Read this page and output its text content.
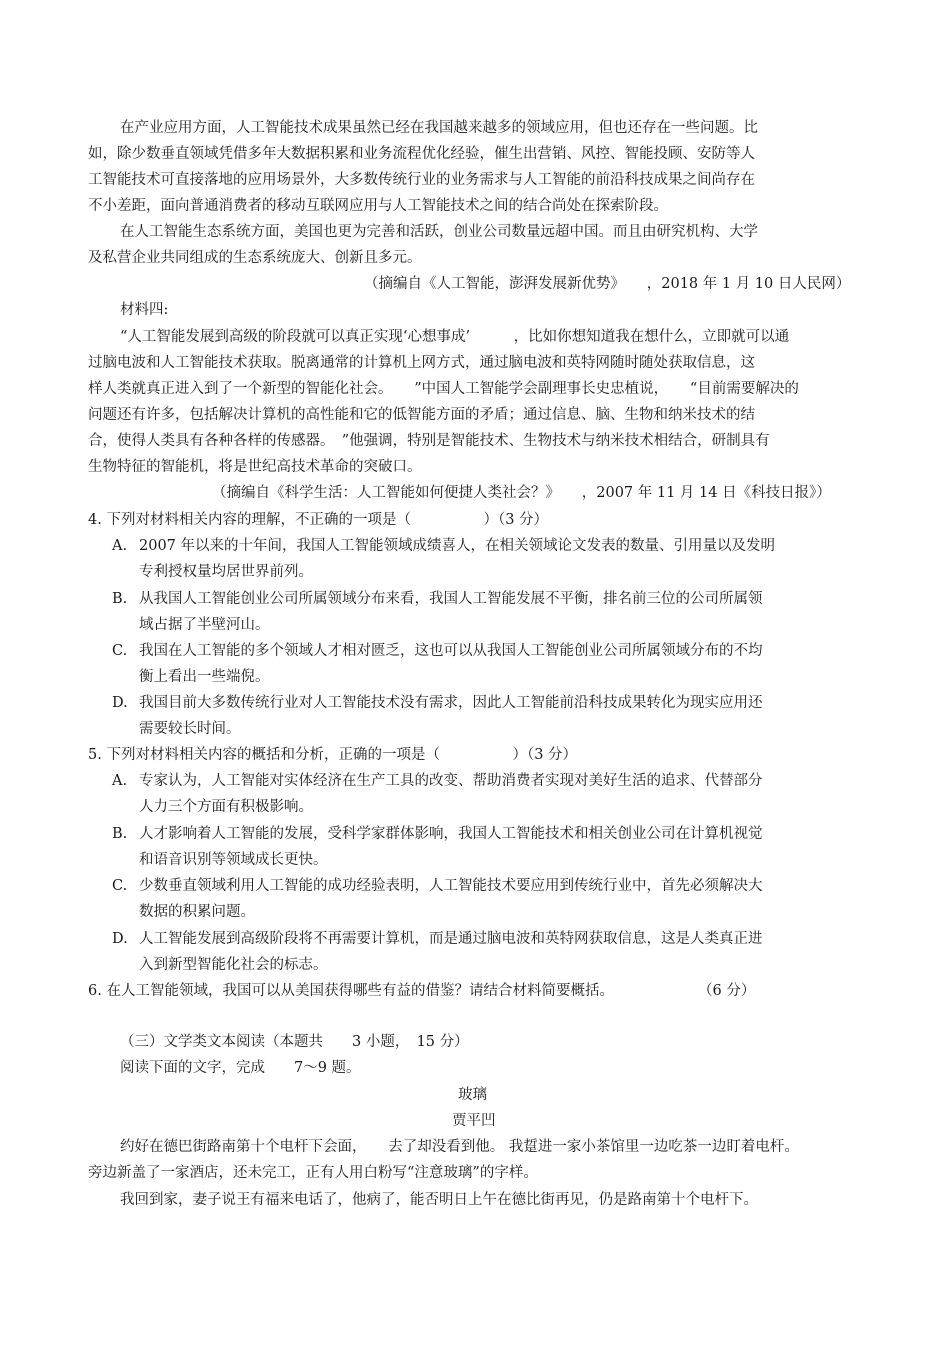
在产业应用方面，人工智能技术成果虽然已经在我国越来越多的领域应用，但也还存在一些问题。比
如，除少数垂直领域凭借多年大数据积累和业务流程优化经验，催生出营销、风控、智能投顾、安防等人
工智能技术可直接落地的应用场景外，大多数传统行业的业务需求与人工智能的前沿科技成果之间尚存在
不小差距，面向普通消费者的移动互联网应用与人工智能技术之间的结合尚处在探索阶段。
在人工智能生态系统方面，美国也更为完善和活跃，创业公司数量远超中国。而且由研究机构、大学
及私营企业共同组成的生态系统庞大、创新且多元。
（摘编自《人工智能，澎湃发展新优势》　　，2018 年 1 月 10 日人民网）
材料四:
“人工智能发展到高级的阶段就可以真正实现‘心想事成’　　　，比如你想知道我在想什么，立即就可以通
过脑电波和人工智能技术获取。脱离通常的计算机上网方式，通过脑电波和英特网随时随处获取信息，这
样人类就真正进入到了一个新型的智能化社会。　　”中国人工智能学会副理事长史忠植说，　　“目前需要解决的
问题还有许多，包括解决计算机的高性能和它的低智能方面的矛盾；通过信息、脑、生物和纳米技术的结
合，使得人类具有各种各样的传感器。　”他强调，特别是智能技术、生物技术与纳米技术相结合，研制具有
生物特征的智能机，将是世纪高技术革命的突破口。
（摘编自《科学生活：人工智能如何便捷人类社会？》　　，2007 年 11 月 14 日《科技日报》）
4. 下列对材料相关内容的理解，不正确的一项是（　　　　　）（3 分）
A. 2007 年以来的十年间，我国人工智能领域成绩喜人，在相关领域论文发表的数量、引用量以及发明
专利授权量均居世界前列。
B. 从我国人工智能创业公司所属领域分布来看，我国人工智能发展不平衡，排名前三位的公司所属领
域占据了半壁河山。
C. 我国在人工智能的多个领域人才相对匮乏，这也可以从我国人工智能创业公司所属领域分布的不均
衡上看出一些端倪。
D. 我国目前大多数传统行业对人工智能技术没有需求，因此人工智能前沿科技成果转化为现实应用还
需要较长时间。
5. 下列对材料相关内容的概括和分析，正确的一项是（　　　　　）（3 分）
A. 专家认为，人工智能对实体经济在生产工具的改变、帮助消费者实现对美好生活的追求、代替部分
人力三个方面有积极影响。
B. 人才影响着人工智能的发展，受科学家群体影响，我国人工智能技术和相关创业公司在计算机视觉
和语音识别等领域成长更快。
C. 少数垂直领域利用人工智能的成功经验表明，人工智能技术要应用到传统行业中，首先必须解决大
数据的积累问题。
D. 人工智能发展到高级阶段将不再需要计算机，而是通过脑电波和英特网获取信息，这是人类真正进
入到新型智能化社会的标志。
6. 在人工智能领域，我国可以从美国获得哪些有益的借鉴？请结合材料简要概括。	（6 分）
（三）文学类文本阅读（本题共　　3 小题，　15 分）
阅读下面的文字，完成　　7～9 题。
玻璃
贾平凹
约好在德巴街路南第十个电杆下会面，　　去了却没看到他。 我踅进一家小茶馆里一边吃茶一边盯着电杆。
旁边新盖了一家酒店，还未完工，正有人用白粉写“注意玻璃”的字样。
我回到家，妻子说王有福来电话了，他病了，能否明日上午在德比街再见，仍是路南第十个电杆下。
